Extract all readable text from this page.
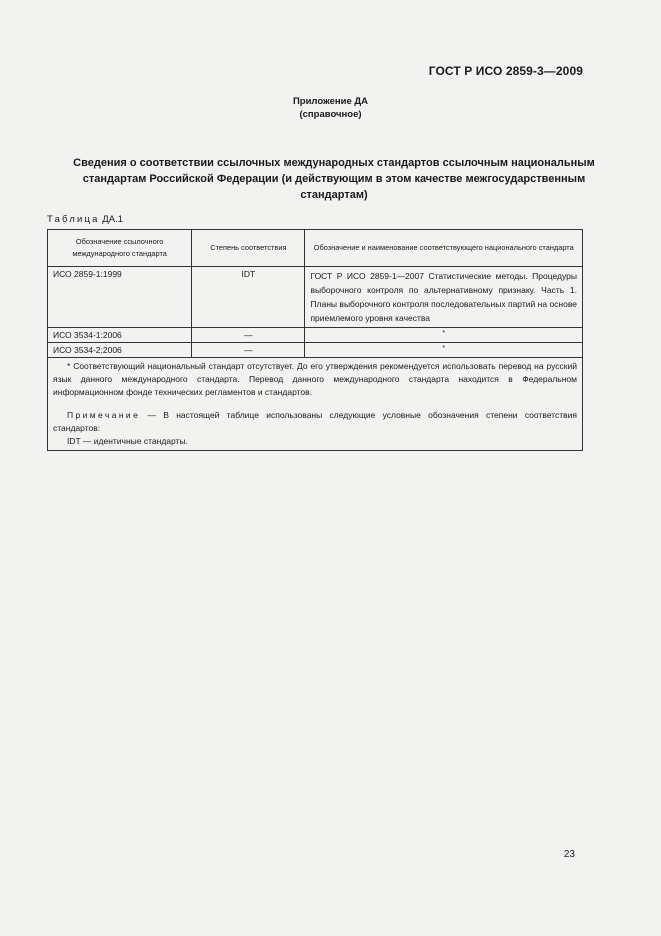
ГОСТ Р ИСО 2859-3—2009
Приложение ДА
(справочное)
Сведения о соответствии ссылочных международных стандартов ссылочным национальным
стандартам Российской Федерации (и действующим в этом качестве межгосударственным
стандартам)
Таблица ДА.1
Обозначение ссылочного международного стандарта	Степень соответствия	Обозначение и наименование соответствующего национального стандарта
ИСО 2859-1:1999	IDT	ГОСТ Р ИСО 2859-1—2007 Статистические методы. Процедуры выборочного контроля по альтернативному признаку. Часть 1. Планы выборочного контроля последовательных партий на основе приемлемого уровня качества
ИСО 3534-1:2006	—	*
ИСО 3534-2:2006	—	*

* Соответствующий национальный стандарт отсутствует. До его утверждения рекомендуется использовать перевод на русский язык данного международного стандарта. Перевод данного международного стандарта находится в Федеральном информационном фонде технических регламентов и стандартов.

Примечание — В настоящей таблице использованы следующие условные обозначения степени соответствия стандартов:

IDT — идентичные стандарты.		

23
